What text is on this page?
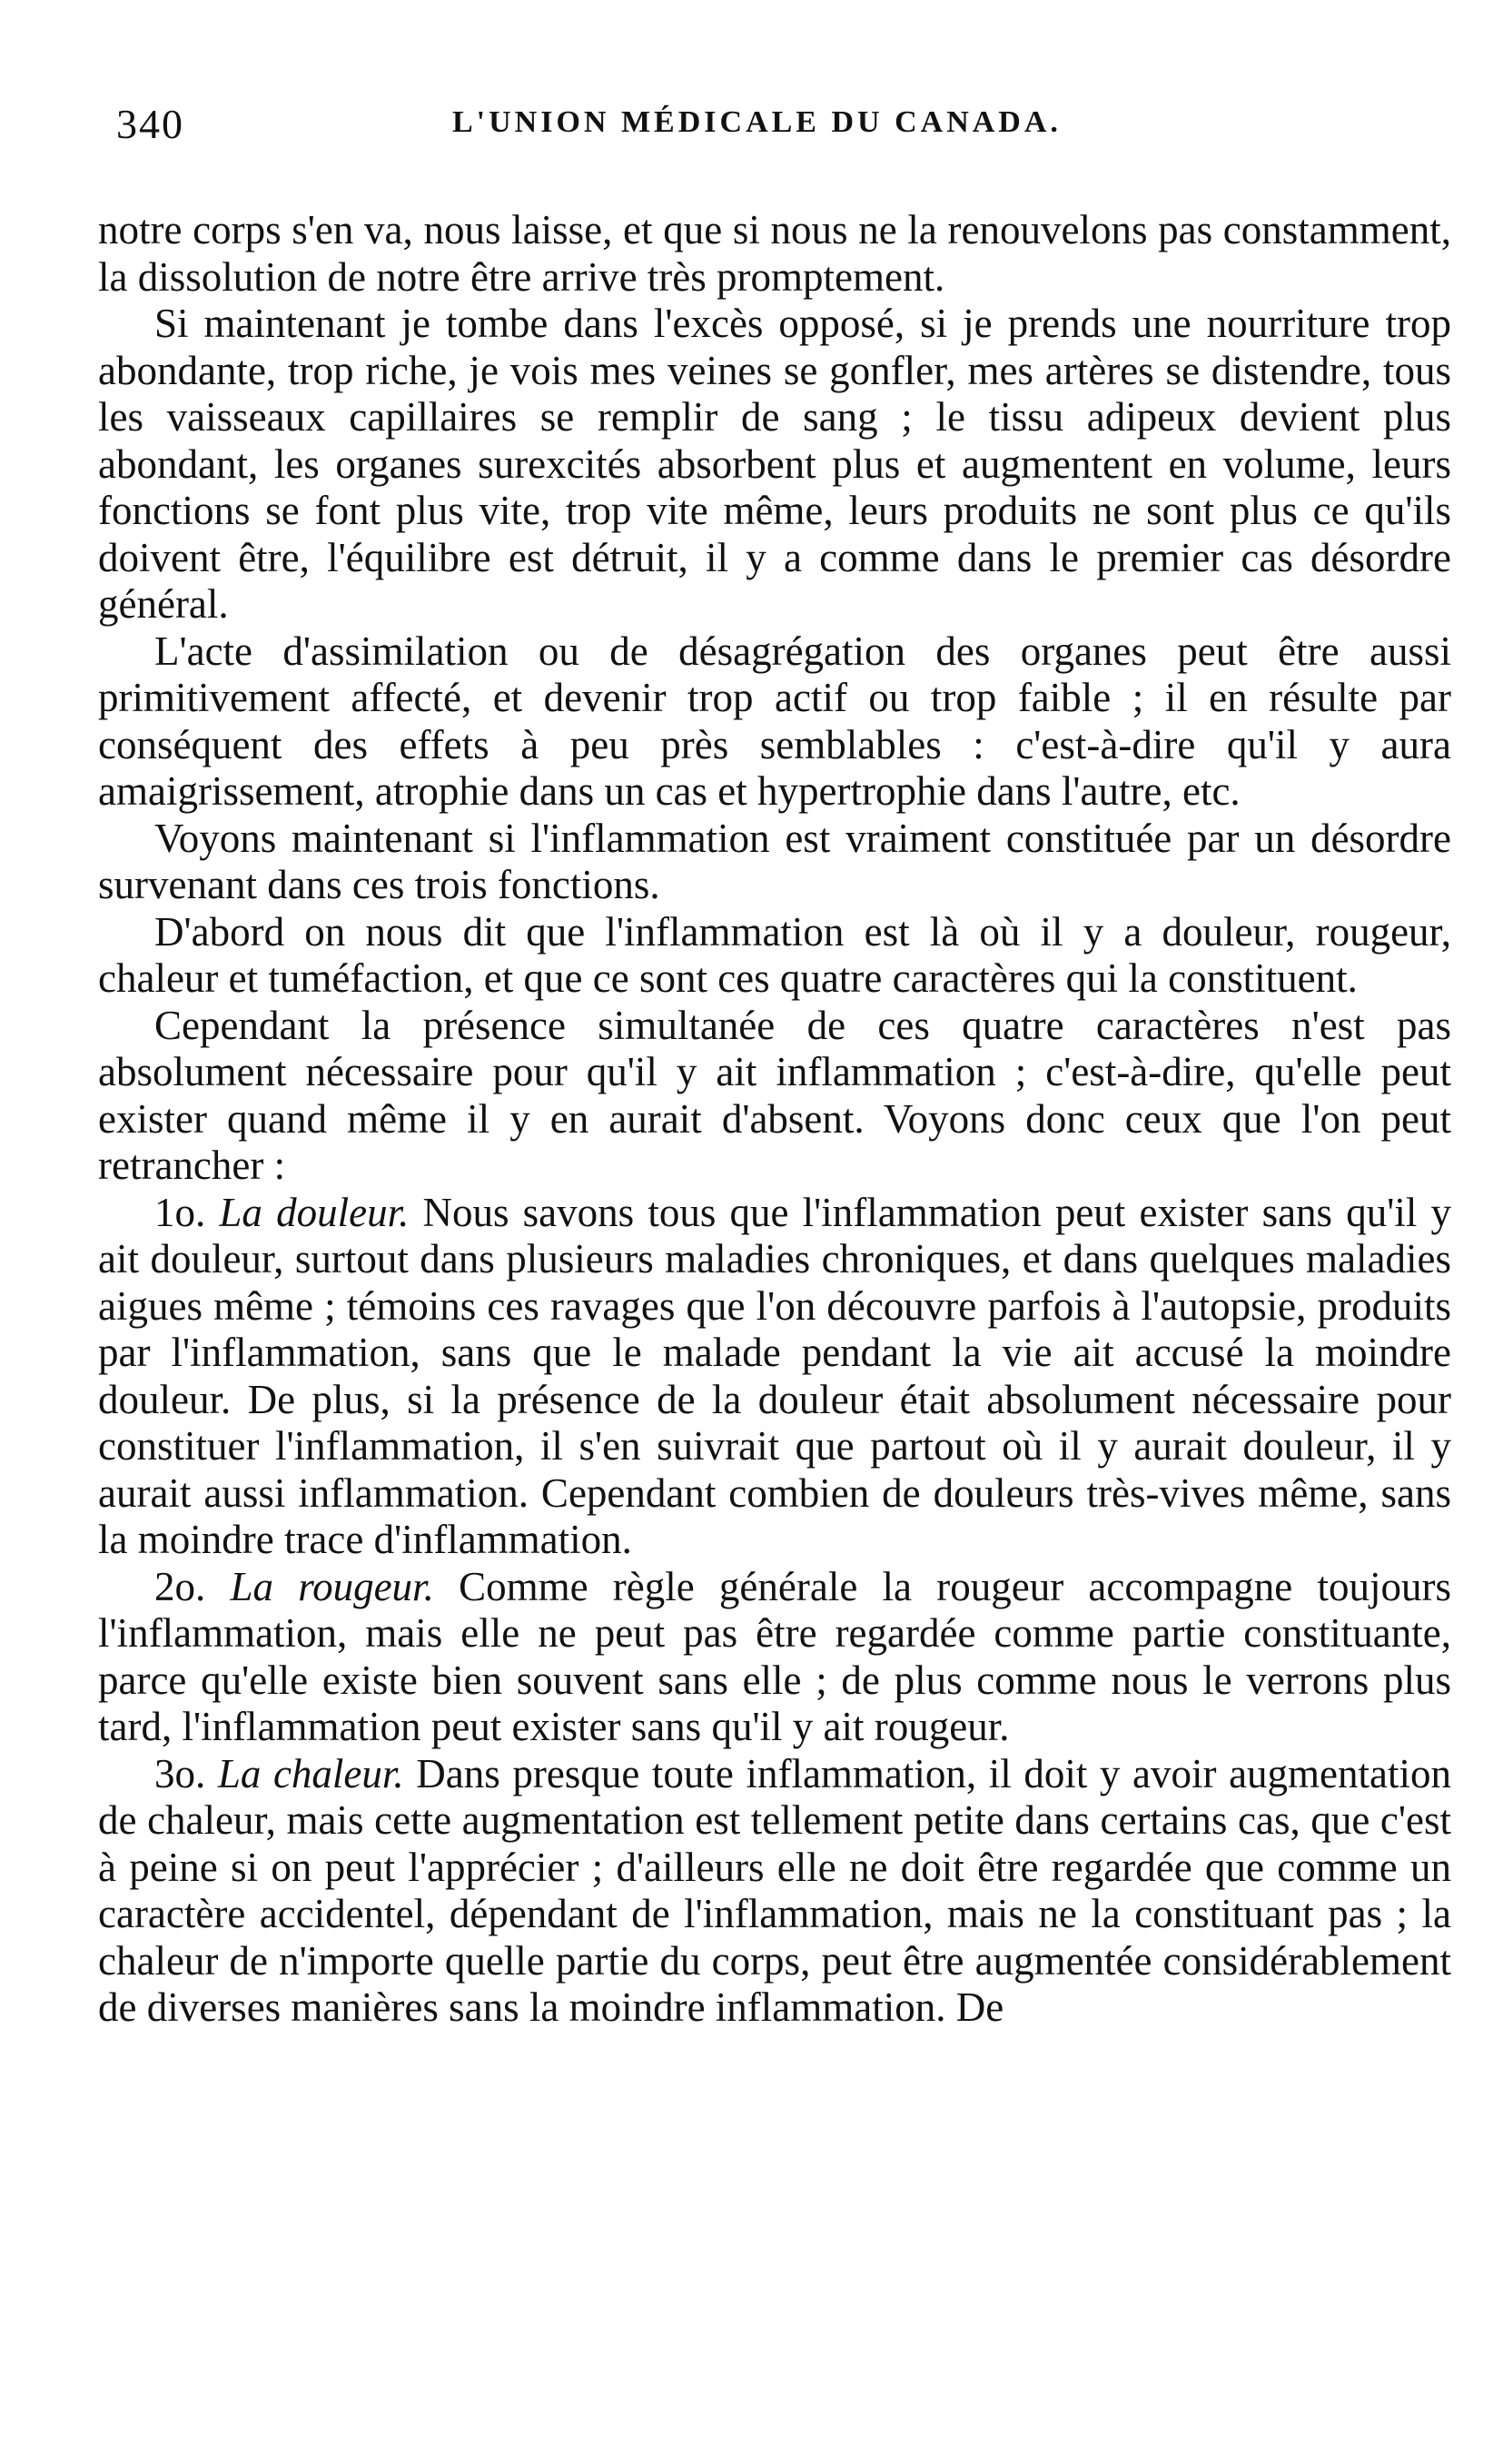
340	L'UNION MÉDICALE DU CANADA.

notre corps s'en va, nous laisse, et que si nous ne la renouvelons pas constamment, la dissolution de notre être arrive très promptement.

Si maintenant je tombe dans l'excès opposé, si je prends une nourriture trop abondante, trop riche, je vois mes veines se gonfler, mes artères se distendre, tous les vaisseaux capillaires se remplir de sang ; le tissu adipeux devient plus abondant, les organes surexcités absorbent plus et augmentent en volume, leurs fonctions se font plus vite, trop vite même, leurs produits ne sont plus ce qu'ils doivent être, l'équilibre est détruit, il y a comme dans le premier cas désordre général.

L'acte d'assimilation ou de désagrégation des organes peut être aussi primitivement affecté, et devenir trop actif ou trop faible ; il en résulte par conséquent des effets à peu près semblables : c'est-à-dire qu'il y aura amaigrissement, atrophie dans un cas et hypertrophie dans l'autre, etc.

Voyons maintenant si l'inflammation est vraiment constituée par un désordre survenant dans ces trois fonctions.

D'abord on nous dit que l'inflammation est là où il y a douleur, rougeur, chaleur et tuméfaction, et que ce sont ces quatre caractères qui la constituent.

Cependant la présence simultanée de ces quatre caractères n'est pas absolument nécessaire pour qu'il y ait inflammation ; c'est-à-dire, qu'elle peut exister quand même il y en aurait d'absent. Voyons donc ceux que l'on peut retrancher :

1o. La douleur. Nous savons tous que l'inflammation peut exister sans qu'il y ait douleur, surtout dans plusieurs maladies chroniques, et dans quelques maladies aigues même ; témoins ces ravages que l'on découvre parfois à l'autopsie, produits par l'inflammation, sans que le malade pendant la vie ait accusé la moindre douleur. De plus, si la présence de la douleur était absolument nécessaire pour constituer l'inflammation, il s'en suivrait que partout où il y aurait douleur, il y aurait aussi inflammation. Cependant combien de douleurs très-vives même, sans la moindre trace d'inflammation.

2o. La rougeur. Comme règle générale la rougeur accompagne toujours l'inflammation, mais elle ne peut pas être regardée comme partie constituante, parce qu'elle existe bien souvent sans elle ; de plus comme nous le verrons plus tard, l'inflammation peut exister sans qu'il y ait rougeur.

3o. La chaleur. Dans presque toute inflammation, il doit y avoir augmentation de chaleur, mais cette augmentation est tellement petite dans certains cas, que c'est à peine si on peut l'apprécier ; d'ailleurs elle ne doit être regardée que comme un caractère accidentel, dépendant de l'inflammation, mais ne la constituant pas ; la chaleur de n'importe quelle partie du corps, peut être augmentée considérablement de diverses manières sans la moindre inflammation. De
